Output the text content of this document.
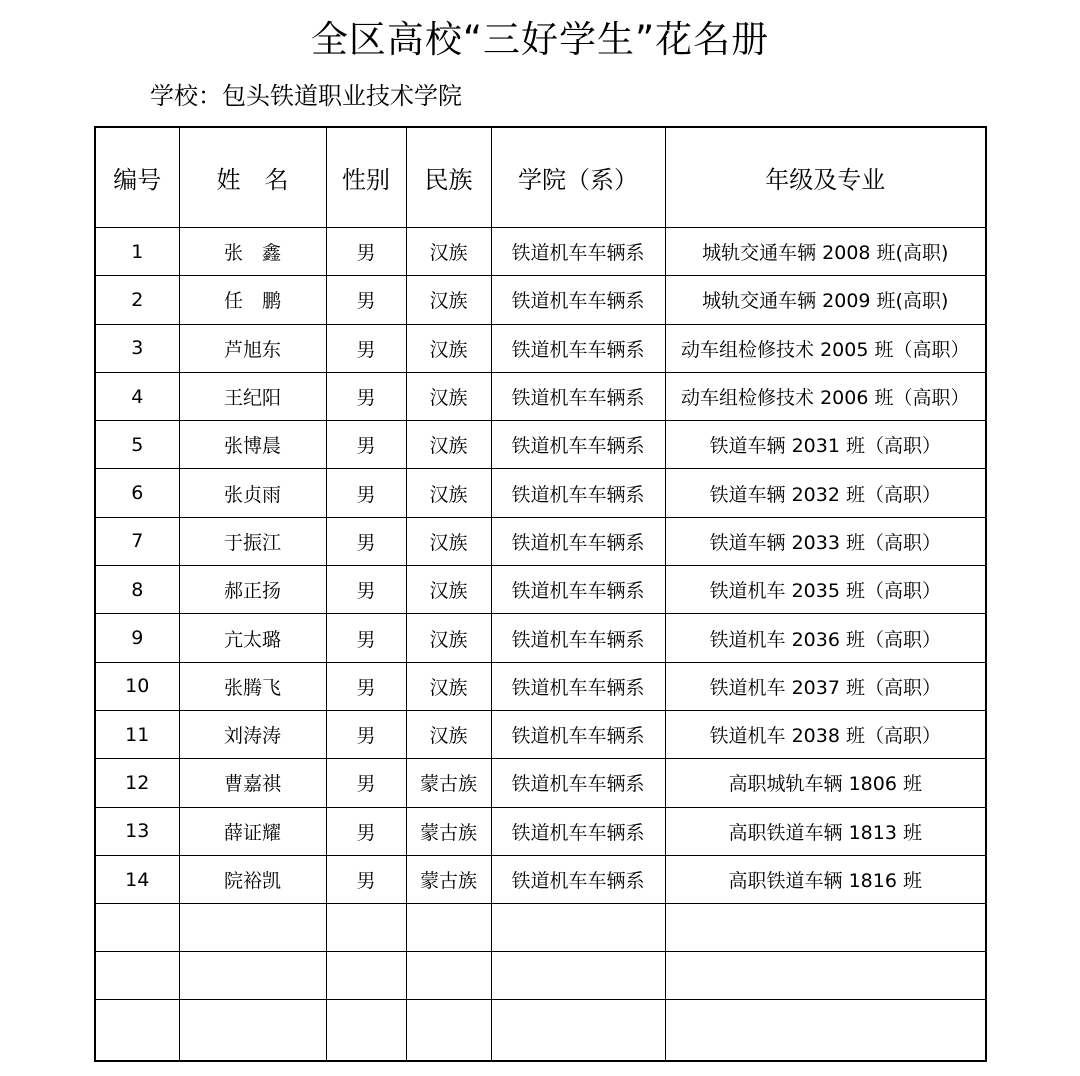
全区高校“三好学生”花名册
学校：包头铁道职业技术学院
编号	姓　名	性别	民族	学院（系）	年级及专业
1	张　鑫	男	汉族	铁道机车车辆系	城轨交通车辆 2008 班(高职)
2	任　鹏	男	汉族	铁道机车车辆系	城轨交通车辆 2009 班(高职)
3	芦旭东	男	汉族	铁道机车车辆系	动车组检修技术 2005 班（高职）
4	王纪阳	男	汉族	铁道机车车辆系	动车组检修技术 2006 班（高职）
5	张博晨	男	汉族	铁道机车车辆系	铁道车辆 2031 班（高职）
6	张贞雨	男	汉族	铁道机车车辆系	铁道车辆 2032 班（高职）
7	于振江	男	汉族	铁道机车车辆系	铁道车辆 2033 班（高职）
8	郝正扬	男	汉族	铁道机车车辆系	铁道机车 2035 班（高职）
9	亢太璐	男	汉族	铁道机车车辆系	铁道机车 2036 班（高职）
10	张腾飞	男	汉族	铁道机车车辆系	铁道机车 2037 班（高职）
11	刘涛涛	男	汉族	铁道机车车辆系	铁道机车 2038 班（高职）
12	曹嘉祺	男	蒙古族	铁道机车车辆系	高职城轨车辆 1806 班
13	薛证耀	男	蒙古族	铁道机车车辆系	高职铁道车辆 1813 班
14	院裕凯	男	蒙古族	铁道机车车辆系	高职铁道车辆 1816 班
